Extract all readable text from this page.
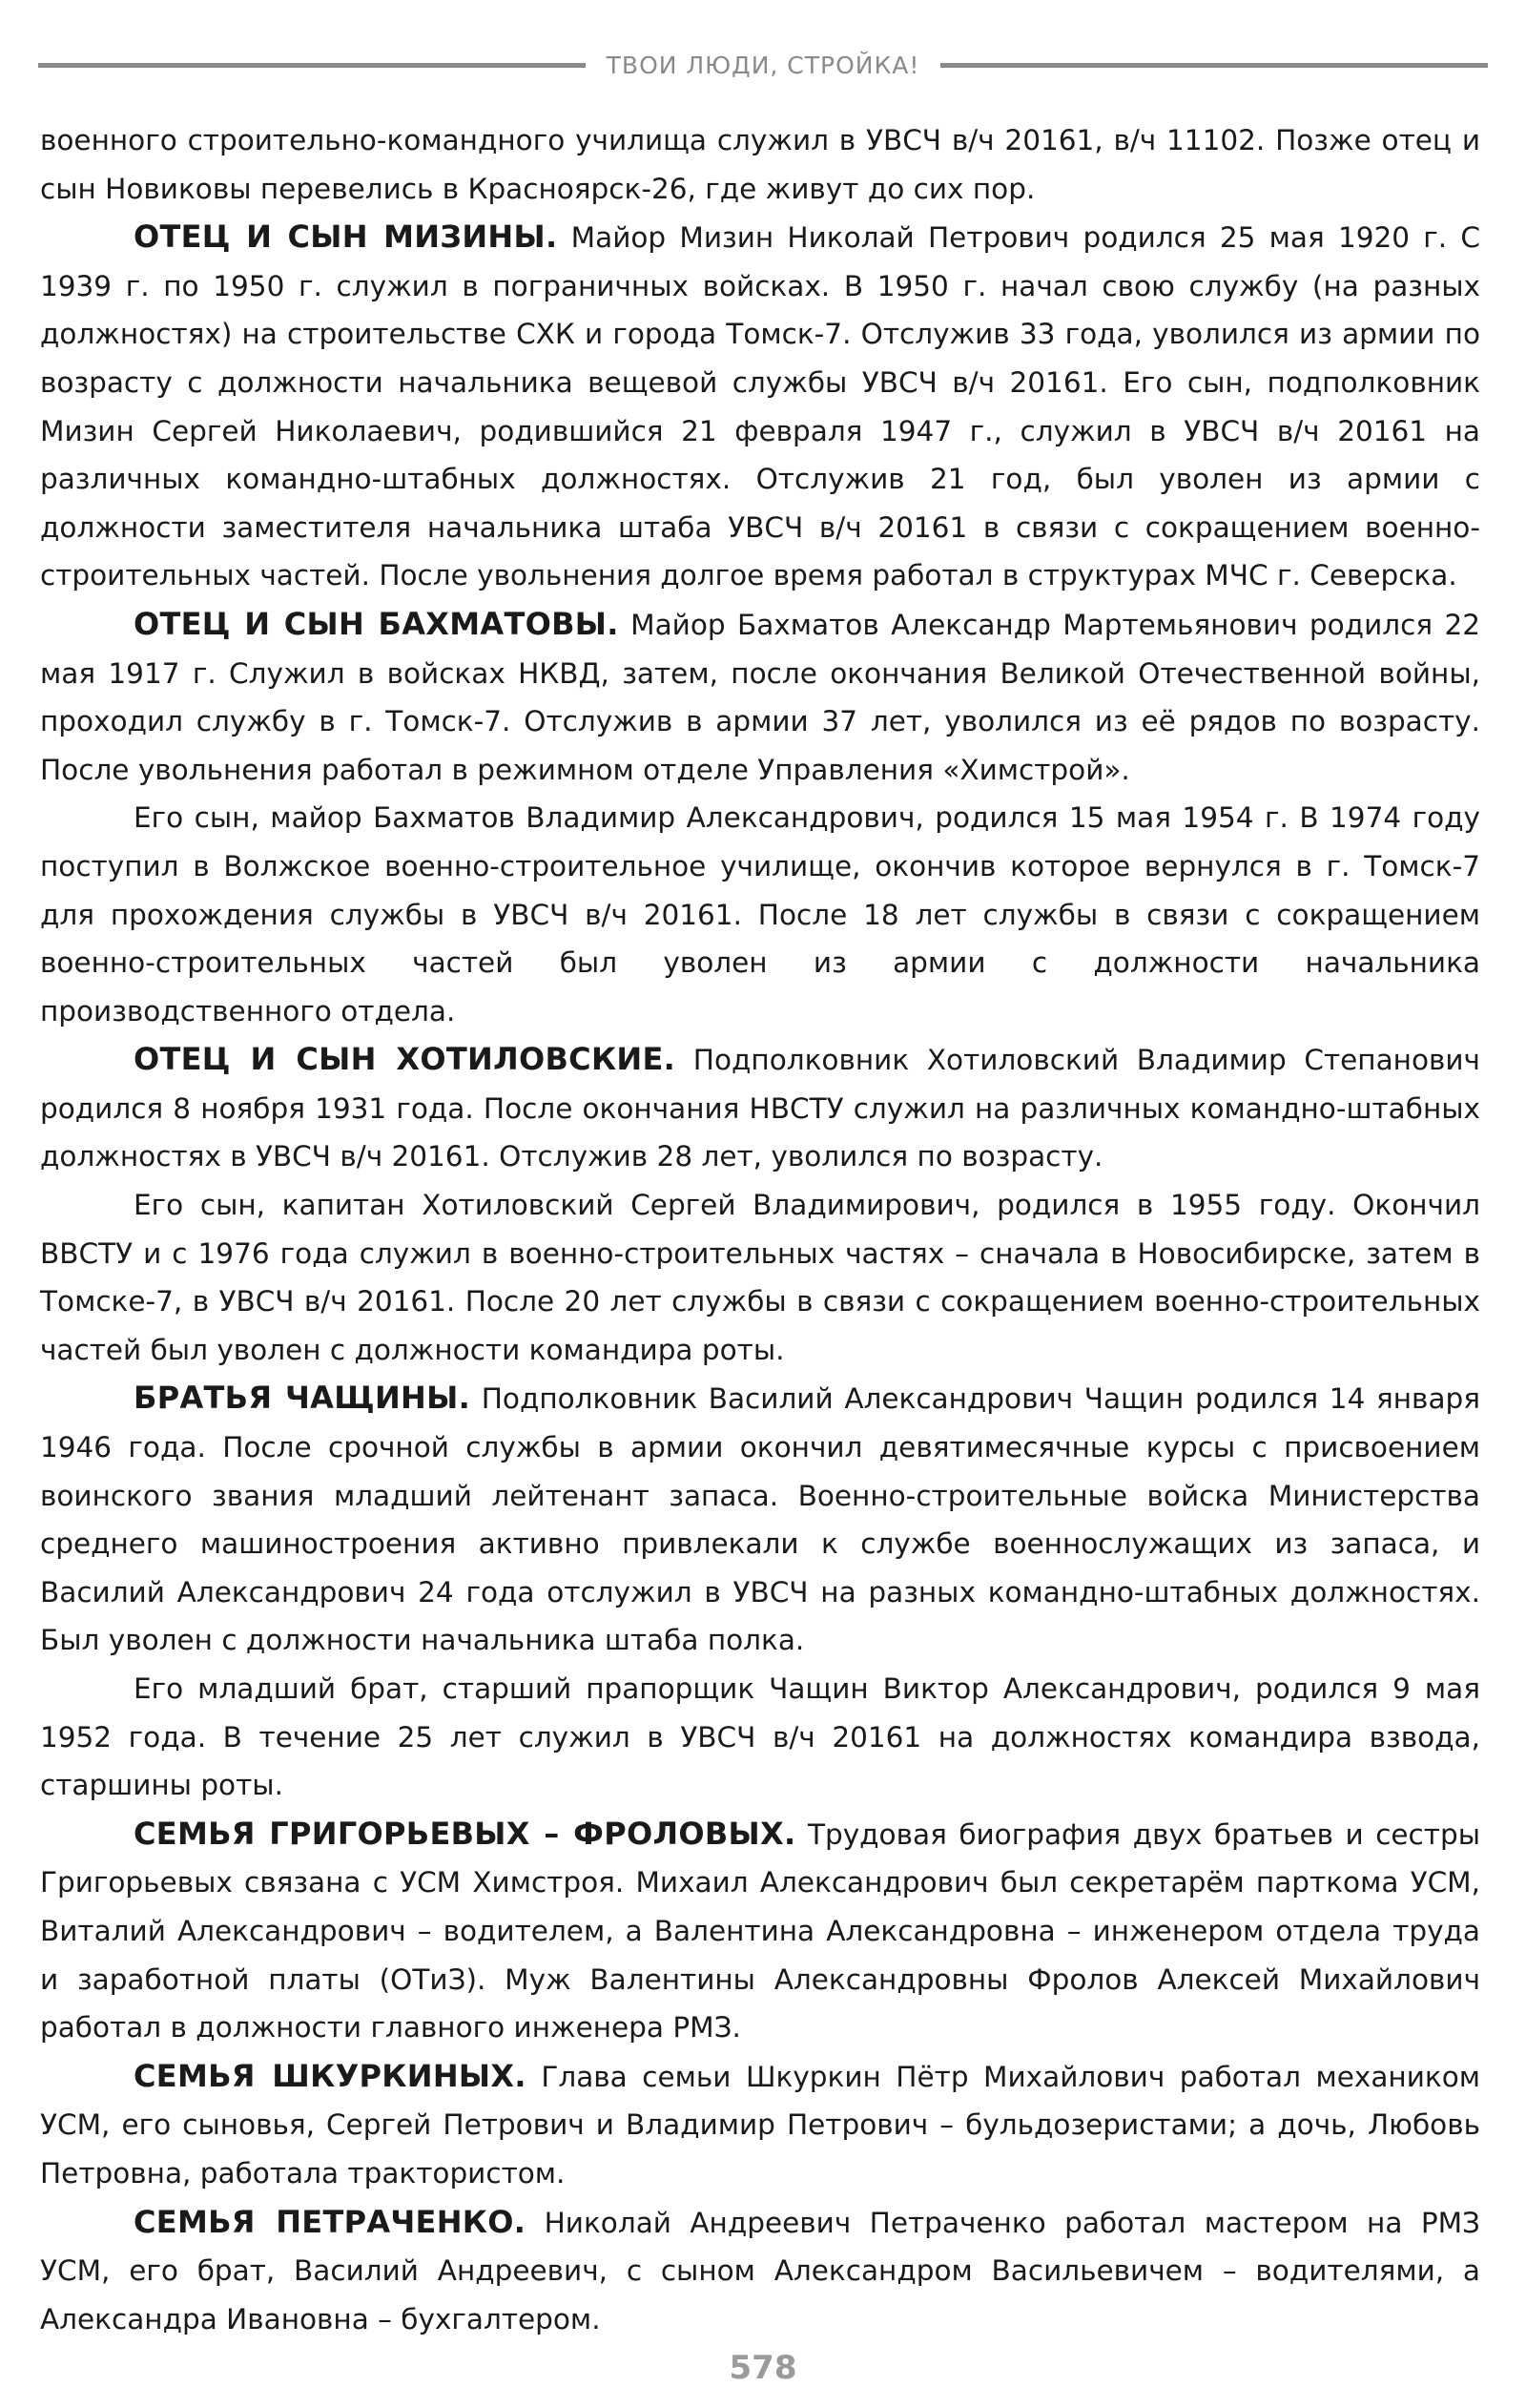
ТВОИ ЛЮДИ, СТРОЙКА!

военного строительно-командного училища служил в УВСЧ в/ч 20161, в/ч 11102. Позже отец и сын Новиковы перевелись в Красноярск-26, где живут до сих пор.

ОТЕЦ И СЫН МИЗИНЫ. Майор Мизин Николай Петрович родился 25 мая 1920 г. С 1939 г. по 1950 г. служил в пограничных войсках. В 1950 г. начал свою службу (на разных должностях) на строительстве СХК и города Томск-7. Отслужив 33 года, уволился из армии по возрасту с должности начальника вещевой службы УВСЧ в/ч 20161. Его сын, подполковник Мизин Сергей Николаевич, родившийся 21 февраля 1947 г., служил в УВСЧ в/ч 20161 на различных командно-штабных должностях. Отслужив 21 год, был уволен из армии с должности заместителя начальника штаба УВСЧ в/ч 20161 в связи с сокращением военно-строительных частей. После увольнения долгое время работал в структурах МЧС г. Северска.

ОТЕЦ И СЫН БАХМАТОВЫ. Майор Бахматов Александр Мартемьянович родился 22 мая 1917 г. Служил в войсках НКВД, затем, после окончания Великой Отечественной войны, проходил службу в г. Томск-7. Отслужив в армии 37 лет, уволился из её рядов по возрасту. После увольнения работал в режимном отделе Управления «Химстрой».

Его сын, майор Бахматов Владимир Александрович, родился 15 мая 1954 г. В 1974 году поступил в Волжское военно-строительное училище, окончив которое вернулся в г. Томск-7 для прохождения службы в УВСЧ в/ч 20161. После 18 лет службы в связи с сокращением военно-строительных частей был уволен из армии с должности начальника производственного отдела.

ОТЕЦ И СЫН ХОТИЛОВСКИЕ. Подполковник Хотиловский Владимир Степанович родился 8 ноября 1931 года. После окончания НВСТУ служил на различных командно-штабных должностях в УВСЧ в/ч 20161. Отслужив 28 лет, уволился по возрасту.

Его сын, капитан Хотиловский Сергей Владимирович, родился в 1955 году. Окончил ВВСТУ и с 1976 года служил в военно-строительных частях – сначала в Новосибирске, затем в Томске-7, в УВСЧ в/ч 20161. После 20 лет службы в связи с сокращением военно-строительных частей был уволен с должности командира роты.

БРАТЬЯ ЧАЩИНЫ. Подполковник Василий Александрович Чащин родился 14 января 1946 года. После срочной службы в армии окончил девятимесячные курсы с присвоением воинского звания младший лейтенант запаса. Военно-строительные войска Министерства среднего машиностроения активно привлекали к службе военнослужащих из запаса, и Василий Александрович 24 года отслужил в УВСЧ на разных командно-штабных должностях. Был уволен с должности начальника штаба полка.

Его младший брат, старший прапорщик Чащин Виктор Александрович, родился 9 мая 1952 года. В течение 25 лет служил в УВСЧ в/ч 20161 на должностях командира взвода, старшины роты.

СЕМЬЯ ГРИГОРЬЕВЫХ – ФРОЛОВЫХ. Трудовая биография двух братьев и сестры Григорьевых связана с УСМ Химстроя. Михаил Александрович был секретарём парткома УСМ, Виталий Александрович – водителем, а Валентина Александровна – инженером отдела труда и заработной платы (ОТиЗ). Муж Валентины Александровны Фролов Алексей Михайлович работал в должности главного инженера РМЗ.

СЕМЬЯ ШКУРКИНЫХ. Глава семьи Шкуркин Пётр Михайлович работал механиком УСМ, его сыновья, Сергей Петрович и Владимир Петрович – бульдозеристами; а дочь, Любовь Петровна, работала трактористом.

СЕМЬЯ ПЕТРАЧЕНКО. Николай Андреевич Петраченко работал мастером на РМЗ УСМ, его брат, Василий Андреевич, с сыном Александром Васильевичем – водителями, а Александра Ивановна – бухгалтером.

578
